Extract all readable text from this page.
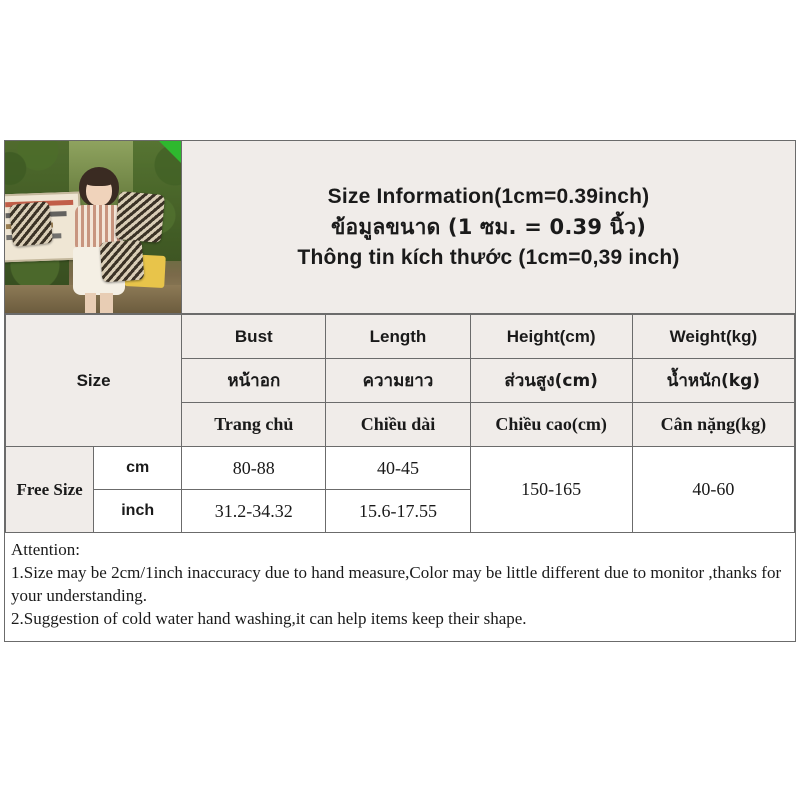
Size Information(1cm=0.39inch)
ข้อมูลขนาด (1 ซม. = 0.39 นิ้ว)
Thông tin kích thước (1cm=0,39 inch)
Size		Bust	Length	Height(cm)	Weight(kg)
		หน้าอก	ความยาว	ส่วนสูง(cm)	น้ำหนัก(kg)
		Trang chủ	Chiều dài	Chiều cao(cm)	Cân nặng(kg)
Free Size	cm	80-88	40-45	150-165	40-60
	inch	31.2-34.32	15.6-17.55		

Attention:

1.Size may be 2cm/1inch inaccuracy due to hand measure,Color may be little different due to monitor ,thanks for your understanding.

2.Suggestion of cold water hand washing,it can help items keep their shape.
